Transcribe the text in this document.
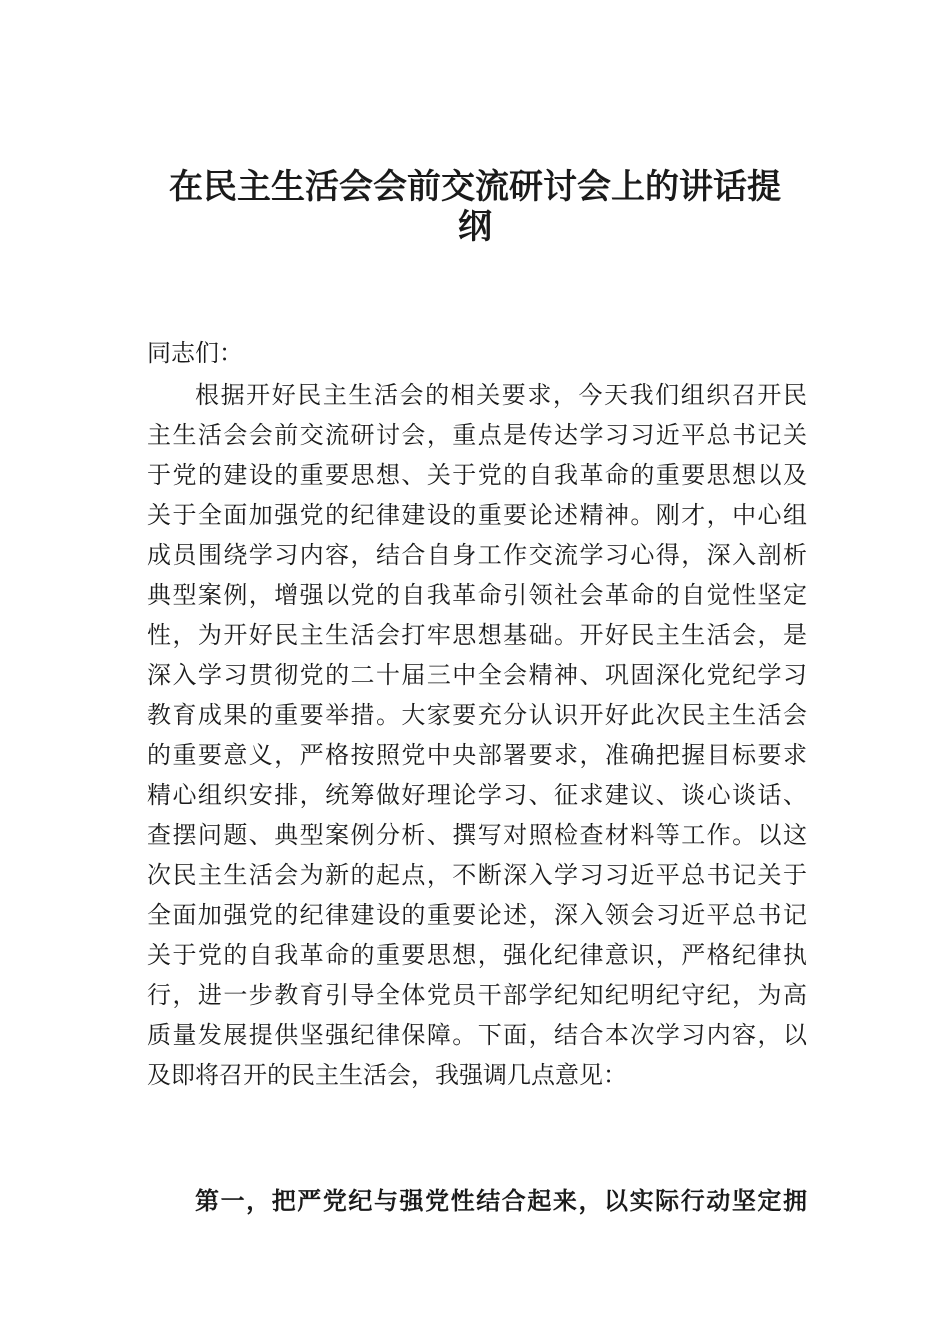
在民主生活会会前交流研讨会上的讲话提
纲

同志们：

根据开好民主生活会的相关要求，今天我们组织召开民

主生活会会前交流研讨会，重点是传达学习习近平总书记关

于党的建设的重要思想、关于党的自我革命的重要思想以及

关于全面加强党的纪律建设的重要论述精神。刚才，中心组

成员围绕学习内容，结合自身工作交流学习心得，深入剖析

典型案例，增强以党的自我革命引领社会革命的自觉性坚定

性，为开好民主生活会打牢思想基础。开好民主生活会，是

深入学习贯彻党的二十届三中全会精神、巩固深化党纪学习

教育成果的重要举措。大家要充分认识开好此次民主生活会

的重要意义，严格按照党中央部署要求，准确把握目标要求

精心组织安排，统筹做好理论学习、征求建议、谈心谈话、

查摆问题、典型案例分析、撰写对照检查材料等工作。以这

次民主生活会为新的起点，不断深入学习习近平总书记关于

全面加强党的纪律建设的重要论述，深入领会习近平总书记

关于党的自我革命的重要思想，强化纪律意识，严格纪律执

行，进一步教育引导全体党员干部学纪知纪明纪守纪，为高

质量发展提供坚强纪律保障。下面，结合本次学习内容，以

及即将召开的民主生活会，我强调几点意见：

第一，把严党纪与强党性结合起来，以实际行动坚定拥
